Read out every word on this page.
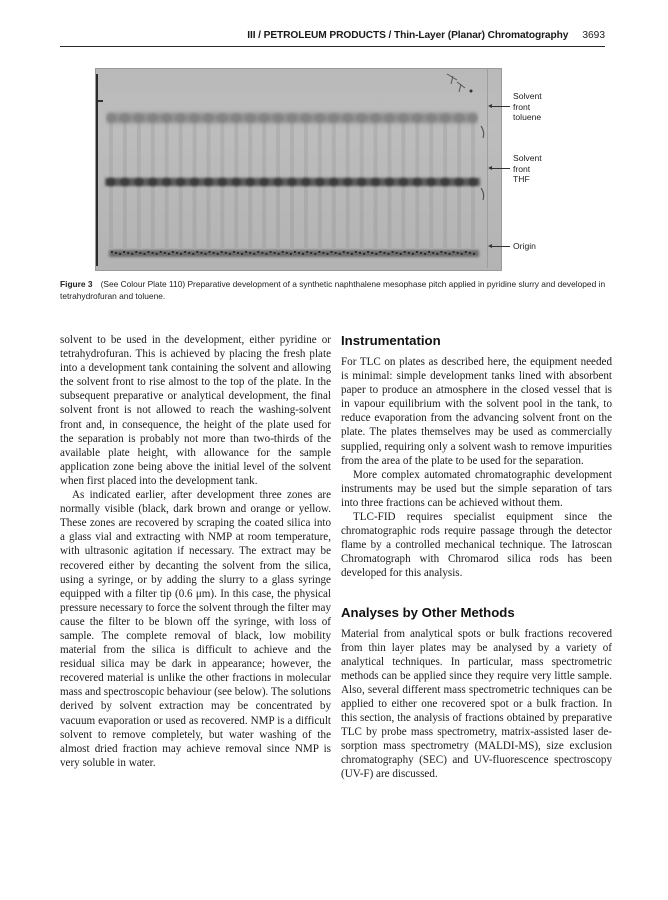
III / PETROLEUM PRODUCTS / Thin-Layer (Planar) Chromatography 3693
Solvent
front
toluene
Solvent
front
THF
Origin
Figure 3 (See Colour Plate 110) Preparative development of a synthetic naphthalene mesophase pitch applied in pyridine slurry and developed in tetrahydrofuran and toluene.

solvent to be used in the development, either pyridine or tetrahydrofuran. This is achieved by placing the fresh plate into a development tank containing the solvent and allowing the solvent front to rise almost to the top of the plate. In the subsequent preparative or analytical development, the final solvent front is not allowed to reach the washing-solvent front and, in consequence, the height of the plate used for the separation is probably not more than two-thirds of the available plate height, with allowance for the sample application zone being above the initial level of the solvent when first placed into the development tank.

As indicated earlier, after development three zones are normally visible (black, dark brown and orange or yellow. These zones are recovered by scraping the coated silica into a glass vial and extracting with NMP at room temperature, with ultrasonic agitation if necessary. The extract may be recovered either by decanting the solvent from the silica, using a syringe, or by adding the slurry to a glass syringe equipped with a filter tip (0.6 μm). In this case, the physical pressure necessary to force the solvent through the filter may cause the filter to be blown off the syringe, with loss of sample. The complete removal of black, low mobility material from the silica is difficult to achieve and the residual silica may be dark in appearance; however, the recovered material is unlike the other fractions in molecular mass and spectroscopic behaviour (see below). The solutions derived by solvent extraction may be concentrated by vacuum evaporation or used as recovered. NMP is a difficult solvent to remove completely, but water washing of the almost dried fraction may achieve removal since NMP is very soluble in water.

Instrumentation

For TLC on plates as described here, the equipment needed is minimal: simple development tanks lined with absorbent paper to produce an atmosphere in the closed vessel that is in vapour equilibrium with the solvent pool in the tank, to reduce evaporation from the advancing solvent front on the plate. The plates themselves may be used as commercially supplied, requiring only a solvent wash to remove impurities from the area of the plate to be used for the separation.

More complex automated chromatographic development instruments may be used but the simple separation of tars into three fractions can be achieved without them.

TLC-FID requires specialist equipment since the chromatographic rods require passage through the detector flame by a controlled mechanical technique. The Iatroscan Chromatograph with Chromarod silica rods has been developed for this analysis.

Analyses by Other Methods

Material from analytical spots or bulk fractions recovered from thin layer plates may be analysed by a variety of analytical techniques. In particular, mass spectrometric methods can be applied since they require very little sample. Also, several different mass spectrometric techniques can be applied to either one recovered spot or a bulk fraction. In this section, the analysis of fractions obtained by preparative TLC by probe mass spectrometry, matrix-assisted laser desorption mass spectrometry (MALDI-MS), size exclusion chromatography (SEC) and UV-fluorescence spectroscopy (UV-F) are discussed.
